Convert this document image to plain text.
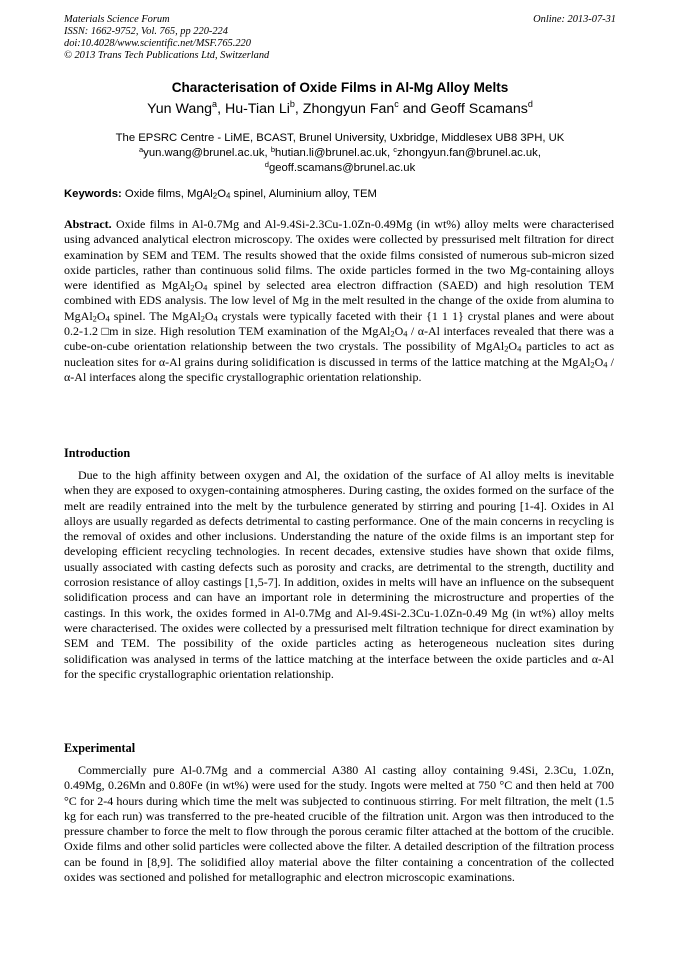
Materials Science Forum
ISSN: 1662-9752, Vol. 765, pp 220-224
doi:10.4028/www.scientific.net/MSF.765.220
© 2013 Trans Tech Publications Ltd, Switzerland
Online: 2013-07-31
Characterisation of Oxide Films in Al-Mg Alloy Melts
Yun Wang$^a$, Hu-Tian Li$^b$, Zhongyun Fan$^c$ and Geoff Scamans$^d$
The EPSRC Centre - LiME, BCAST, Brunel University, Uxbridge, Middlesex UB8 3PH, UK
$^a$yun.wang@brunel.ac.uk, $^b$hutian.li@brunel.ac.uk, $^c$zhongyun.fan@brunel.ac.uk,
$^d$geoff.scamans@brunel.ac.uk
Keywords: Oxide films, $MgAl_2O_4$ spinel, Aluminium alloy, TEM

Abstract. Oxide films in Al-0.7Mg and Al-9.4Si-2.3Cu-1.0Zn-0.49Mg (in wt%) alloy melts were characterised using advanced analytical electron microscopy. The oxides were collected by pressurised melt filtration for direct examination by SEM and TEM. The results showed that the oxide films consisted of numerous sub-micron sized oxide particles, rather than continuous solid films. The oxide particles formed in the two Mg-containing alloys were identified as $MgAl_2O_4$ spinel by selected area electron diffraction (SAED) and high resolution TEM combined with EDS analysis. The low level of Mg in the melt resulted in the change of the oxide from alumina to $MgAl_2O_4$ spinel. The $MgAl_2O_4$ crystals were typically faceted with their {1 1 1} crystal planes and were about 0.2-1.2 □m in size. High resolution TEM examination of the $MgAl_2O_4 / \alpha-Al$ interfaces revealed that there was a cube-on-cube orientation relationship between the two crystals. The possibility of $MgAl_2O_4$ particles to act as nucleation sites for α-Al grains during solidification is discussed in terms of the lattice matching at the $MgAl_2O_4 / \alpha-Al$ interfaces along the specific crystallographic orientation relationship.

Introduction

Due to the high affinity between oxygen and Al, the oxidation of the surface of Al alloy melts is inevitable when they are exposed to oxygen-containing atmospheres. During casting, the oxides formed on the surface of the melt are readily entrained into the melt by the turbulence generated by stirring and pouring [1-4]. Oxides in Al alloys are usually regarded as defects detrimental to casting performance. One of the main concerns in recycling is the removal of oxides and other inclusions. Understanding the nature of the oxide films is an important step for developing efficient recycling technologies. In recent decades, extensive studies have shown that oxide films, usually associated with casting defects such as porosity and cracks, are detrimental to the strength, ductility and corrosion resistance of alloy castings [1,5-7]. In addition, oxides in melts will have an influence on the subsequent solidification process and can have an important role in determining the microstructure and properties of the castings. In this work, the oxides formed in Al-0.7Mg and Al-9.4Si-2.3Cu-1.0Zn-0.49 Mg (in wt%) alloy melts were characterised. The oxides were collected by a pressurised melt filtration technique for direct examination by SEM and TEM. The possibility of the oxide particles acting as heterogeneous nucleation sites during solidification was analysed in terms of the lattice matching at the interface between the oxide particles and α-Al for the specific crystallographic orientation relationship.

Experimental

Commercially pure Al-0.7Mg and a commercial A380 Al casting alloy containing 9.4Si, 2.3Cu, 1.0Zn, 0.49Mg, 0.26Mn and 0.80Fe (in wt%) were used for the study. Ingots were melted at 750 °C and then held at 700 °C for 2-4 hours during which time the melt was subjected to continuous stirring. For melt filtration, the melt (1.5 kg for each run) was transferred to the pre-heated crucible of the filtration unit. Argon was then introduced to the pressure chamber to force the melt to flow through the porous ceramic filter attached at the bottom of the crucible. Oxide films and other solid particles were collected above the filter. A detailed description of the filtration process can be found in [8,9]. The solidified alloy material above the filter containing a concentration of the collected oxides was sectioned and polished for metallographic and electron microscopic examinations.
